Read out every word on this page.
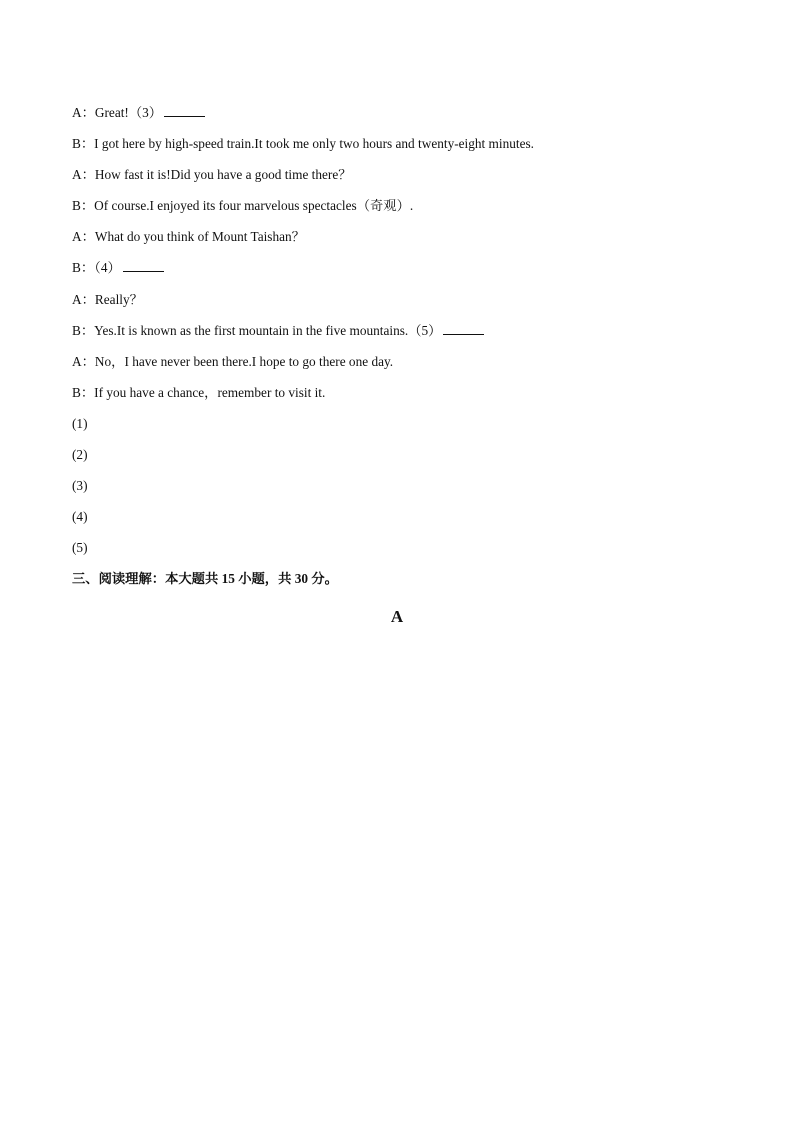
A：Great!（3）
B：I got here by high-speed train.It took me only two hours and twenty-eight minutes.
A：How fast it is!Did you have a good time there？
B：Of course.I enjoyed its four marvelous spectacles（奇观）.
A：What do you think of Mount Taishan？
B：（4）
A：Really？
B：Yes.It is known as the first mountain in the five mountains.（5）
A：No，I have never been there.I hope to go there one day.
B：If you have a chance，remember to visit it.
(1)
(2)
(3)
(4)
(5)
三、阅读理解：本大题共 15 小题，共 30 分。
A
